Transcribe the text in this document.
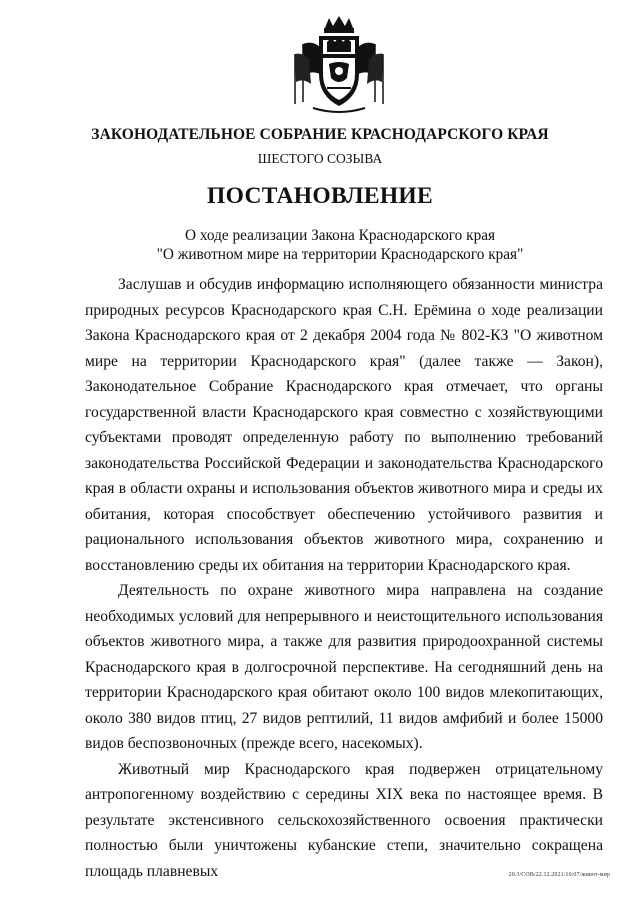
ЗАКОНОДАТЕЛЬНОЕ СОБРАНИЕ КРАСНОДАРСКОГО КРАЯ
ШЕСТОГО СОЗЫВА
ПОСТАНОВЛЕНИЕ
О ходе реализации Закона Краснодарского края
"О животном мире на территории Краснодарского края"

Заслушав и обсудив информацию исполняющего обязанности министра природных ресурсов Краснодарского края С.Н. Ерёмина о ходе реализации Закона Краснодарского края от 2 декабря 2004 года № 802-КЗ "О животном мире на территории Краснодарского края" (далее также — Закон), Законодательное Собрание Краснодарского края отмечает, что органы государственной власти Краснодарского края совместно с хозяйствующими субъектами проводят определенную работу по выполнению требований законодательства Российской Федерации и законодательства Краснодарского края в области охраны и использования объектов животного мира и среды их обитания, которая способствует обеспечению устойчивого развития и рационального использования объектов животного мира, сохранению и восстановлению среды их обитания на территории Краснодарского края.

Деятельность по охране животного мира направлена на создание необходимых условий для непрерывного и неистощительного использования объектов животного мира, а также для развития природоохранной системы Краснодарского края в долгосрочной перспективе. На сегодняшний день на территории Краснодарского края обитают около 100 видов млекопитающих, около 380 видов птиц, 27 видов рептилий, 11 видов амфибий и более 15000 видов беспозвоночных (прежде всего, насекомых).

Животный мир Краснодарского края подвержен отрицательному антропогенному воздействию с середины XIX века по настоящее время. В результате экстенсивного сельскохозяйственного освоения практически полностью были уничтожены кубанские степи, значительно сокращена площадь плавневых	20.3/СОВ/22.12.2021/10:07/живот-мир
